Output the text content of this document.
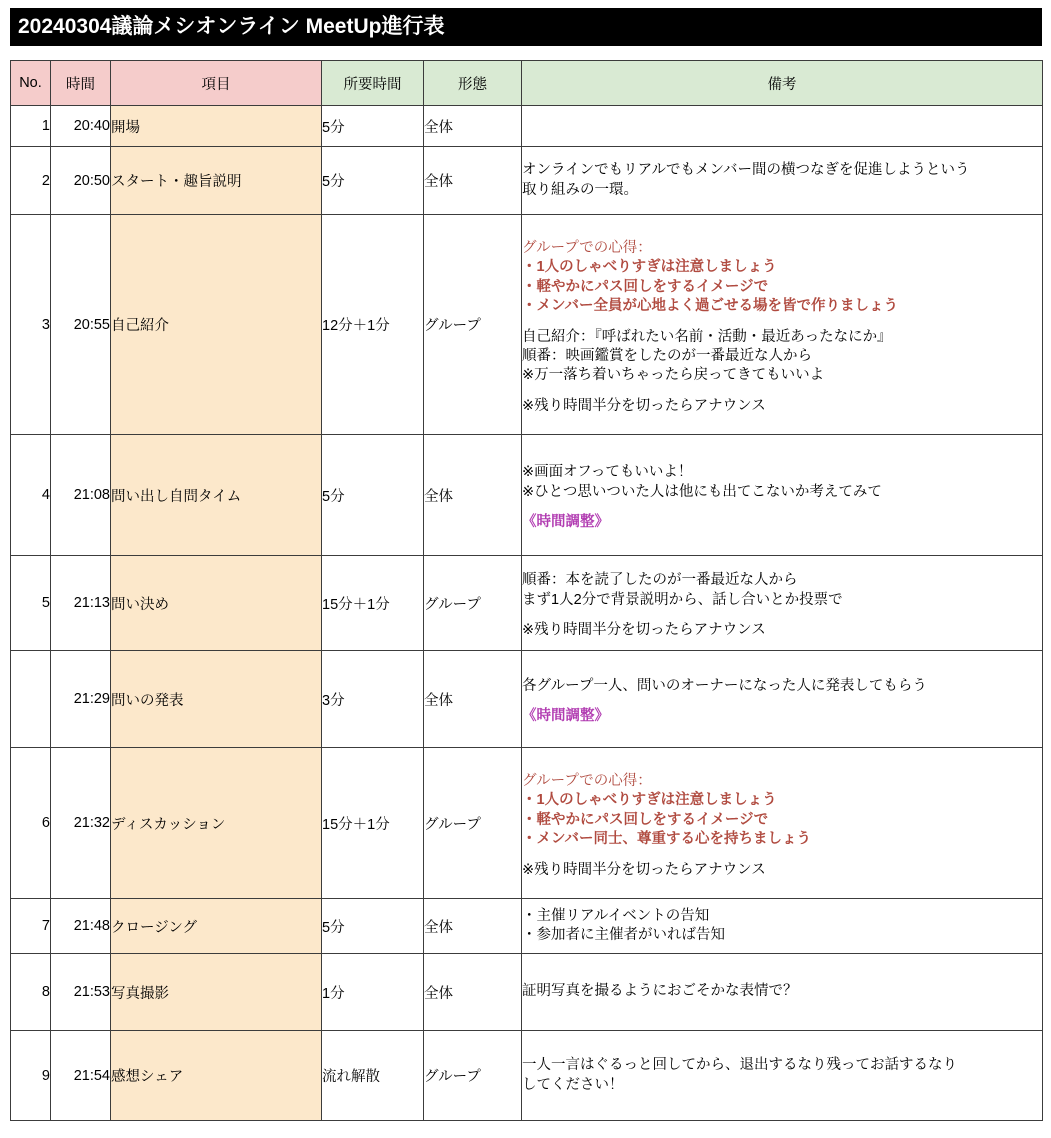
20240304議論メシオンライン MeetUp進行表
No.	時間	項目	所要時間	形態	備考
1	20:40	開場	5分	全体	
2	20:50	スタート・趣旨説明	5分	全体	オンラインでもリアルでもメンバー間の横つなぎを促進しようという
取り組みの一環。

3	20:55	自己紹介	12分＋1分	グループ	
グループでの心得：
・1人のしゃべりすぎは注意しましょう
・軽やかにパス回しをするイメージで
・メンバー全員が心地よく過ごせる場を皆で作りましょう
自己紹介：『呼ばれたい名前・活動・最近あったなにか』
順番：映画鑑賞をしたのが一番最近な人から
※万一落ち着いちゃったら戻ってきてもいいよ
※残り時間半分を切ったらアナウンス

4	21:08	問い出し自問タイム	5分	全体	※画面オフってもいいよ！
※ひとつ思いついた人は他にも出てこないか考えてみて
《時間調整》

5	21:13	問い決め	15分＋1分	グループ	順番：本を読了したのが一番最近な人から
まず1人2分で背景説明から、話し合いとか投票で
※残り時間半分を切ったらアナウンス

	21:29	問いの発表	3分	全体	各グループ一人、問いのオーナーになった人に発表してもらう
《時間調整》

6	21:32	ディスカッション	15分＋1分	グループ	グループでの心得：
・1人のしゃべりすぎは注意しましょう
・軽やかにパス回しをするイメージで
・メンバー同士、尊重する心を持ちましょう
※残り時間半分を切ったらアナウンス

7	21:48	クロージング	5分	全体	・主催リアルイベントの告知
・参加者に主催者がいれば告知

8	21:53	写真撮影	1分	全体	証明写真を撮るようにおごそかな表情で？

9	21:54	感想シェア	流れ解散	グループ	一人一言はぐるっと回してから、退出するなり残ってお話するなり
してください！
